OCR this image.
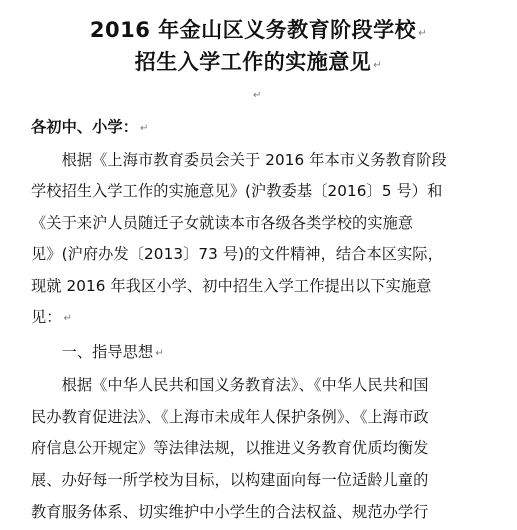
2016 年金山区义务教育阶段学校 ↵
招生入学工作的实施意见 ↵
↵
各初中、小学： ↵
　　根据《上海市教育委员会关于 2016 年本市义务教育阶段
学校招生入学工作的实施意见》(沪教委基〔2016〕5 号）和
《关于来沪人员随迁子女就读本市各级各类学校的实施意
见》(沪府办发〔2013〕73 号)的文件精神，结合本区实际，
现就 2016 年我区小学、初中招生入学工作提出以下实施意
见： ↵
　　一、指导思想 ↵
　　根据《中华人民共和国义务教育法》、《中华人民共和国
民办教育促进法》、《上海市未成年人保护条例》、《上海市政
府信息公开规定》等法律法规，以推进义务教育优质均衡发
展、办好每一所学校为目标，以构建面向每一位适龄儿童的
教育服务体系、切实维护中小学生的合法权益、规范办学行
